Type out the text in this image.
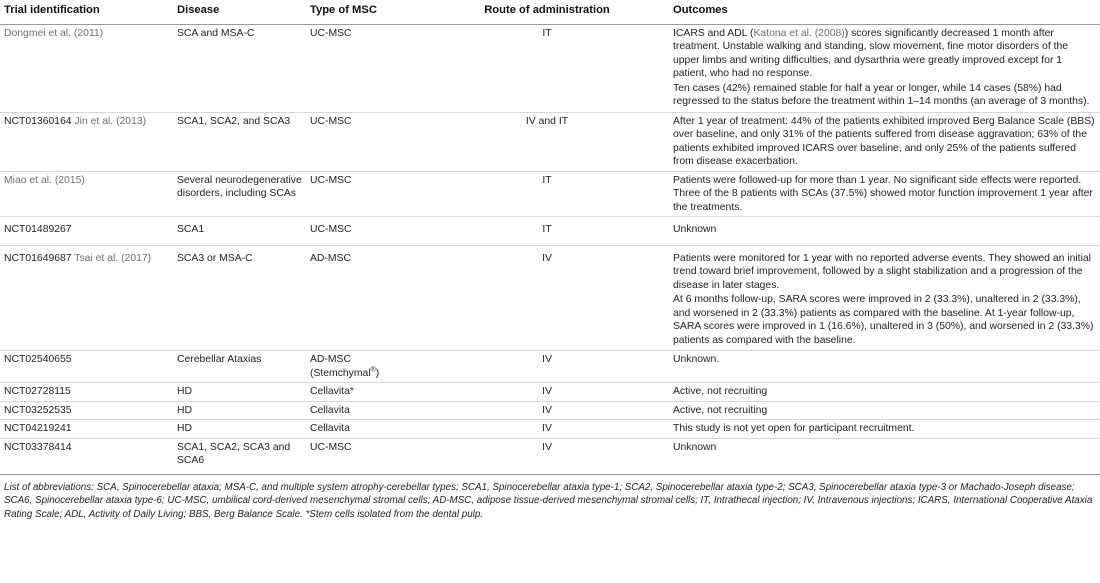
Trial identification	Disease	Type of MSC	Route of administration	Outcomes
Dongmei et al. (2011)	SCA and MSA-C	UC-MSC	IT	ICARS and ADL (Katona et al. (2008)) scores significantly decreased 1 month after treatment. Unstable walking and standing, slow movement, fine motor disorders of the upper limbs and writing difficulties, and dysarthria were greatly improved except for 1 patient, who had no response.
Ten cases (42%) remained stable for half a year or longer, while 14 cases (58%) had regressed to the status before the treatment within 1–14 months (an average of 3 months).

NCT01360164 Jin et al. (2013)	SCA1, SCA2, and SCA3	UC-MSC	IV and IT	After 1 year of treatment: 44% of the patients exhibited improved Berg Balance Scale (BBS) over baseline, and only 31% of the patients suffered from disease aggravation; 63% of the patients exhibited improved ICARS over baseline, and only 25% of the patients suffered from disease exacerbation.
Miao et al. (2015)	Several neurodegenerative disorders, including SCAs	UC-MSC	IT	Patients were followed-up for more than 1 year. No significant side effects were reported. Three of the 8 patients with SCAs (37.5%) showed motor function improvement 1 year after the treatments.
NCT01489267	SCA1	UC-MSC	IT	Unknown
NCT01649687 Tsai et al. (2017)	SCA3 or MSA-C	AD-MSC	IV	Patients were monitored for 1 year with no reported adverse events. They showed an initial trend toward brief improvement, followed by a slight stabilization and a progression of the disease in later stages.
At 6 months follow-up, SARA scores were improved in 2 (33.3%), unaltered in 2 (33.3%), and worsened in 2 (33.3%) patients as compared with the baseline. At 1-year follow-up, SARA scores were improved in 1 (16.6%), unaltered in 3 (50%), and worsened in 2 (33.3%) patients as compared with the baseline.

NCT02540655	Cerebellar Ataxias	AD-MSC (Stemchymal®)	IV	Unknown.
NCT02728115	HD	Cellavita*	IV	Active, not recruiting
NCT03252535	HD	Cellavita	IV	Active, not recruiting
NCT04219241	HD	Cellavita	IV	This study is not yet open for participant recruitment.
NCT03378414	SCA1, SCA2, SCA3 and SCA6	UC-MSC	IV	Unknown
List of abbreviations: SCA, Spinocerebellar ataxia; MSA-C, and multiple system atrophy-cerebellar types; SCA1, Spinocerebellar ataxia type-1; SCA2, Spinocerebellar ataxia type-2; SCA3, Spinocerebellar ataxia type-3 or Machado-Joseph disease; SCA6, Spinocerebellar ataxia type-6; UC-MSC, umbilical cord-derived mesenchymal stromal cells; AD-MSC, adipose tissue-derived mesenchymal stromal cells; IT, Intrathecal injection; IV, Intravenous injections; ICARS, International Cooperative Ataxia Rating Scale; ADL, Activity of Daily Living; BBS, Berg Balance Scale. *Stem cells isolated from the dental pulp.
